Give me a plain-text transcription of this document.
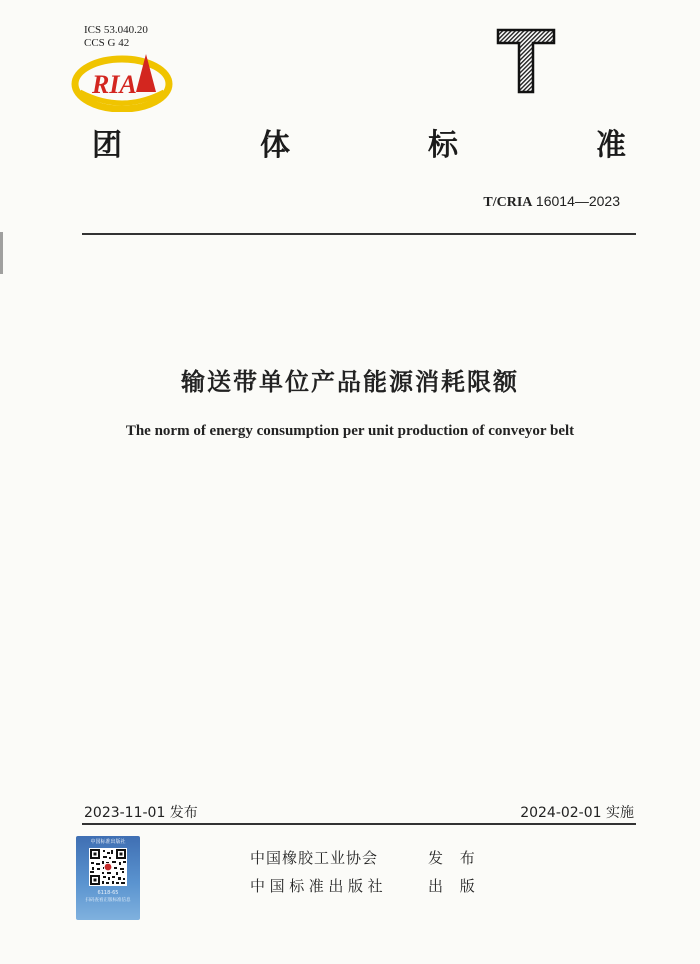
ICS 53.040.20
CCS G 42
RIA
团	体	标	准
T/CRIA 16014—2023
输送带单位产品能源消耗限额
The norm of energy consumption per unit production of conveyor belt
2023-11-01 发布	2024-02-01 实施
中国标准出版社
6118-65
扫码查看正版标准信息
中国橡胶工业协会	发 布
中国标准出版社	出 版
